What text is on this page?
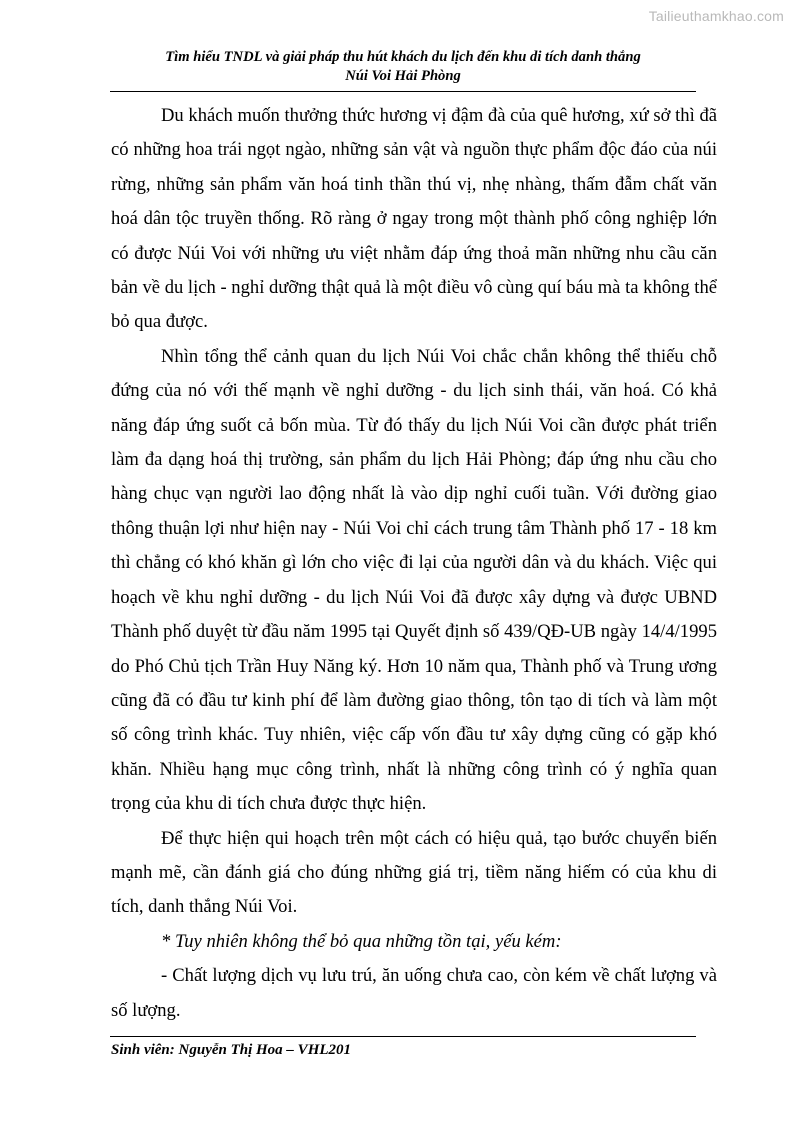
Tailieuthamkhao.com
Tìm hiểu TNDL và giải pháp thu hút khách du lịch đến khu di tích danh thắng
Núi Voi Hải Phòng

Du khách muốn thưởng thức hương vị đậm đà của quê hương, xứ sở thì đã có những hoa trái ngọt ngào, những sản vật và nguồn thực phẩm độc đáo của núi rừng, những sản phẩm văn hoá tinh thần thú vị, nhẹ nhàng, thấm đẫm chất văn hoá dân tộc truyền thống. Rõ ràng ở ngay trong một thành phố công nghiệp lớn có được Núi Voi với những ưu việt nhằm đáp ứng thoả mãn những nhu cầu căn bản về du lịch - nghỉ dưỡng thật quả là một điều vô cùng quí báu mà ta không thể bỏ qua được.

Nhìn tổng thể cảnh quan du lịch Núi Voi chắc chắn không thể thiếu chỗ đứng của nó với thế mạnh về nghỉ dưỡng - du lịch sinh thái, văn hoá. Có khả năng đáp ứng suốt cả bốn mùa. Từ đó thấy du lịch Núi Voi cần được phát triển làm đa dạng hoá thị trường, sản phẩm du lịch Hải Phòng; đáp ứng nhu cầu cho hàng chục vạn người lao động nhất là vào dịp nghỉ cuối tuần. Với đường giao thông thuận lợi như hiện nay - Núi Voi chỉ cách trung tâm Thành phố 17 - 18 km thì chẳng có khó khăn gì lớn cho việc đi lại của người dân và du khách. Việc qui hoạch về khu nghỉ dưỡng - du lịch Núi Voi đã được xây dựng và được UBND Thành phố duyệt từ đầu năm 1995 tại Quyết định số 439/QĐ-UB ngày 14/4/1995 do Phó Chủ tịch Trần Huy Năng ký. Hơn 10 năm qua, Thành phố và Trung ương cũng đã có đầu tư kinh phí để làm đường giao thông, tôn tạo di tích và làm một số công trình khác. Tuy nhiên, việc cấp vốn đầu tư xây dựng cũng có gặp khó khăn. Nhiều hạng mục công trình, nhất là những công trình có ý nghĩa quan trọng của khu di tích chưa được thực hiện.

Để thực hiện qui hoạch trên một cách có hiệu quả, tạo bước chuyển biến mạnh mẽ, cần đánh giá cho đúng những giá trị, tiềm năng hiếm có của khu di tích, danh thắng Núi Voi.

* Tuy nhiên không thể bỏ qua những tồn tại, yếu kém:

- Chất lượng dịch vụ lưu trú, ăn uống chưa cao, còn kém về chất lượng và số lượng.

Sinh viên: Nguyễn Thị Hoa – VHL201
